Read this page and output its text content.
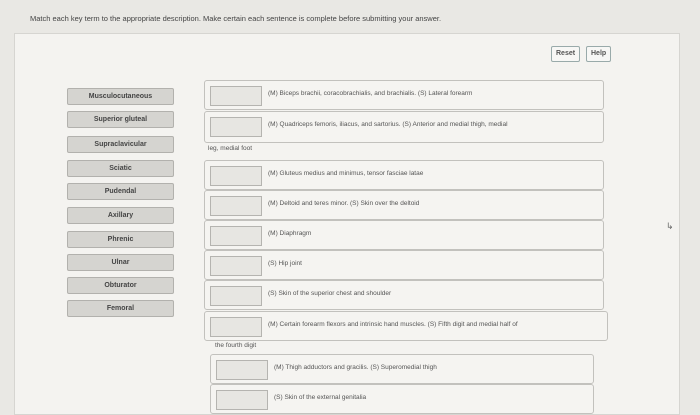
Match each key term to the appropriate description. Make certain each sentence is complete before submitting your answer.
Reset	Help
Musculocutaneous
Superior gluteal
Supraclavicular
Sciatic
Pudendal
Axillary
Phrenic
Ulnar
Obturator
Femoral
(M) Biceps brachii, coracobrachialis, and brachialis. (S) Lateral forearm
(M) Quadriceps femoris, iliacus, and sartorius. (S) Anterior and medial thigh, medial
leg, medial foot
(M) Gluteus medius and minimus, tensor fasciae latae
(M) Deltoid and teres minor. (S) Skin over the deltoid
(M) Diaphragm
(S) Hip joint
(S) Skin of the superior chest and shoulder
(M) Certain forearm flexors and intrinsic hand muscles. (S) Fifth digit and medial half of
the fourth digit
(M) Thigh adductors and gracilis. (S) Superomedial thigh
(S) Skin of the external genitalia
↳
